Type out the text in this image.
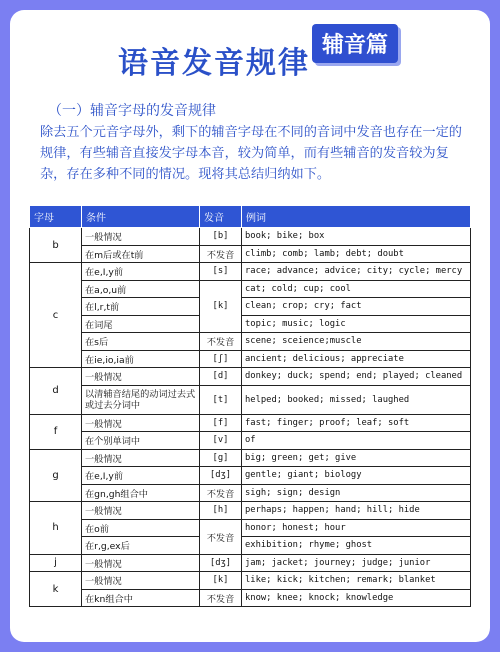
语音发音规律
辅音篇
（一）辅音字母的发音规律
除去五个元音字母外，剩下的辅音字母在不同的音词中发音也存在一定的规律，有些辅音直接发字母本音，较为简单，而有些辅音的发音较为复杂，存在多种不同的情况。现将其总结归纳如下。
字母	条件	发音	例词
b	一般情况	[b]	book; bike; box
	在m后或在t前	不发音	climb; comb; lamb; debt; doubt
c	在e,I,y前	[s]	race; advance; advice; city; cycle; mercy
	在a,o,u前	[k]	cat; cold; cup; cool
	在l,r,t前		clean; crop; cry; fact
	在词尾		topic; music; logic
	在s后	不发音	scene; sceience;muscle
	在ie,io,ia前	[ʃ]	ancient; delicious; appreciate
d	一般情况	[d]	donkey; duck; spend; end; played; cleaned
	以清辅音结尾的动词过去式或过去分词中	[t]	helped; booked; missed; laughed
f	一般情况	[f]	fast; finger; proof; leaf; soft
	在个别单词中	[v]	of
g	一般情况	[g]	big; green; get; give
	在e,I,y前	[dʒ]	gentle; giant; biology
	在gn,gh组合中	不发音	sigh; sign; design
h	一般情况	[h]	perhaps; happen; hand; hill; hide
	在o前	不发音	honor; honest; hour
	在r,g,ex后		exhibition; rhyme; ghost
j	一般情况	[dʒ]	jam; jacket; journey; judge; junior
k	一般情况	[k]	like; kick; kitchen; remark; blanket
	在kn组合中	不发音	know; knee; knock; knowledge
